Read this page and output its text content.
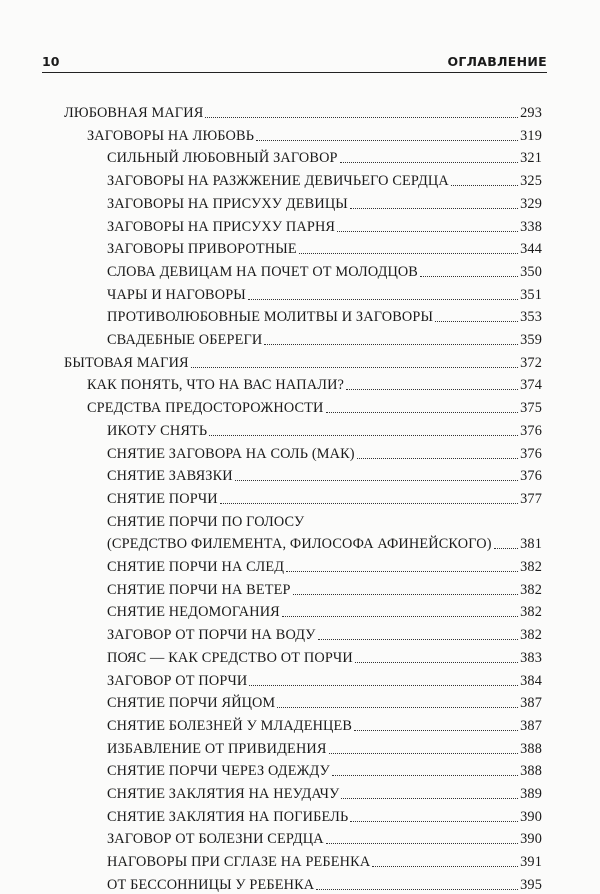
10	ОГЛАВЛЕНИЕ
ЛЮБОВНАЯ МАГИЯ	293
ЗАГОВОРЫ НА ЛЮБОВЬ	319
СИЛЬНЫЙ ЛЮБОВНЫЙ ЗАГОВОР	321
ЗАГОВОРЫ НА РАЗЖЖЕНИЕ ДЕВИЧЬЕГО СЕРДЦА	325
ЗАГОВОРЫ НА ПРИСУХУ ДЕВИЦЫ	329
ЗАГОВОРЫ НА ПРИСУХУ ПАРНЯ	338
ЗАГОВОРЫ ПРИВОРОТНЫЕ	344
СЛОВА ДЕВИЦАМ НА ПОЧЕТ ОТ МОЛОДЦОВ	350
ЧАРЫ И НАГОВОРЫ	351
ПРОТИВОЛЮБОВНЫЕ МОЛИТВЫ И ЗАГОВОРЫ	353
СВАДЕБНЫЕ ОБЕРЕГИ	359
БЫТОВАЯ МАГИЯ	372
КАК ПОНЯТЬ, ЧТО НА ВАС НАПАЛИ?	374
СРЕДСТВА ПРЕДОСТОРОЖНОСТИ	375
ИКОТУ СНЯТЬ	376
СНЯТИЕ ЗАГОВОРА НА СОЛЬ (МАК)	376
СНЯТИЕ ЗАВЯЗКИ	376
СНЯТИЕ ПОРЧИ	377
СНЯТИЕ ПОРЧИ ПО ГОЛОСУ
(СРЕДСТВО ФИЛЕМЕНТА, ФИЛОСОФА АФИНЕЙСКОГО) 381
СНЯТИЕ ПОРЧИ НА СЛЕД	382
СНЯТИЕ ПОРЧИ НА ВЕТЕР	382
СНЯТИЕ НЕДОМОГАНИЯ	382
ЗАГОВОР ОТ ПОРЧИ НА ВОДУ	382
ПОЯС — КАК СРЕДСТВО ОТ ПОРЧИ	383
ЗАГОВОР ОТ ПОРЧИ	384
СНЯТИЕ ПОРЧИ ЯЙЦОМ	387
СНЯТИЕ БОЛЕЗНЕЙ У МЛАДЕНЦЕВ	387
ИЗБАВЛЕНИЕ ОТ ПРИВИДЕНИЯ	388
СНЯТИЕ ПОРЧИ ЧЕРЕЗ ОДЕЖДУ	388
СНЯТИЕ ЗАКЛЯТИЯ НА НЕУДАЧУ	389
СНЯТИЕ ЗАКЛЯТИЯ НА ПОГИБЕЛЬ	390
ЗАГОВОР ОТ БОЛЕЗНИ СЕРДЦА	390
НАГОВОРЫ ПРИ СГЛАЗЕ НА РЕБЕНКА	391
ОТ БЕССОННИЦЫ У РЕБЕНКА	395
